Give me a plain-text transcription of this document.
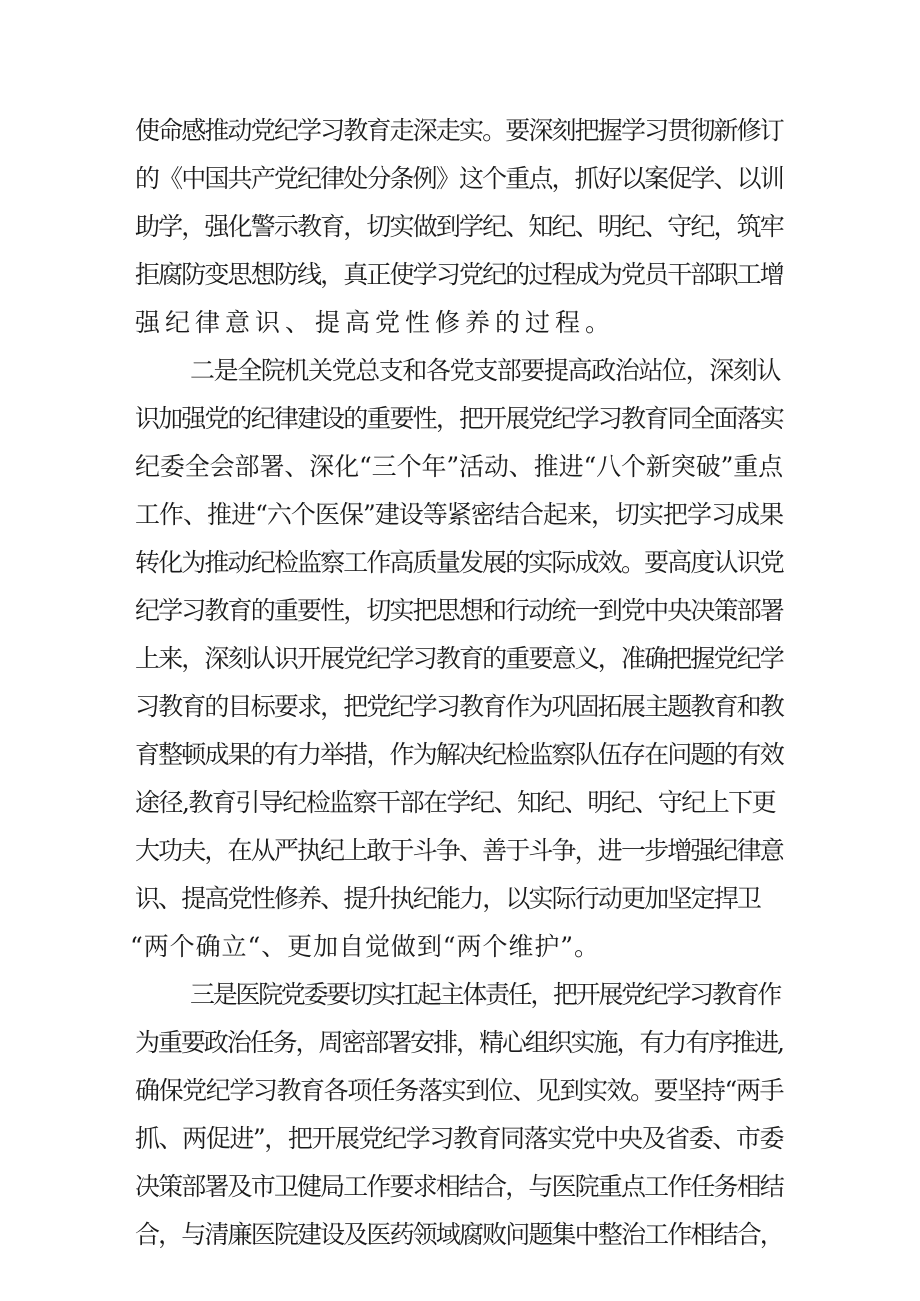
使命感推动党纪学习教育走深走实。要深刻把握学习贯彻新修订
的《中国共产党纪律处分条例》这个重点，抓好以案促学、以训
助学，强化警示教育，切实做到学纪、知纪、明纪、守纪，筑牢
拒腐防变思想防线，真正使学习党纪的过程成为党员干部职工增
强纪律意识、提高党性修养的过程。
二是全院机关党总支和各党支部要提高政治站位，深刻认
识加强党的纪律建设的重要性，把开展党纪学习教育同全面落实
纪委全会部署、深化“三个年”活动、推进“八个新突破”重点
工作、推进“六个医保”建设等紧密结合起来，切实把学习成果
转化为推动纪检监察工作高质量发展的实际成效。要高度认识党
纪学习教育的重要性，切实把思想和行动统一到党中央决策部署
上来，深刻认识开展党纪学习教育的重要意义，准确把握党纪学
习教育的目标要求，把党纪学习教育作为巩固拓展主题教育和教
育整顿成果的有力举措，作为解决纪检监察队伍存在问题的有效
途径,教育引导纪检监察干部在学纪、知纪、明纪、守纪上下更
大功夫，在从严执纪上敢于斗争、善于斗争，进一步增强纪律意
识、提高党性修养、提升执纪能力，以实际行动更加坚定捍卫
“两个确立“、更加自觉做到“两个维护”。
三是医院党委要切实扛起主体责任，把开展党纪学习教育作
为重要政治任务，周密部署安排，精心组织实施，有力有序推进,
确保党纪学习教育各项任务落实到位、见到实效。要坚持“两手
抓、两促进”，把开展党纪学习教育同落实党中央及省委、市委
决策部署及市卫健局工作要求相结合，与医院重点工作任务相结
合，与清廉医院建设及医药领域腐败问题集中整治工作相结合，
